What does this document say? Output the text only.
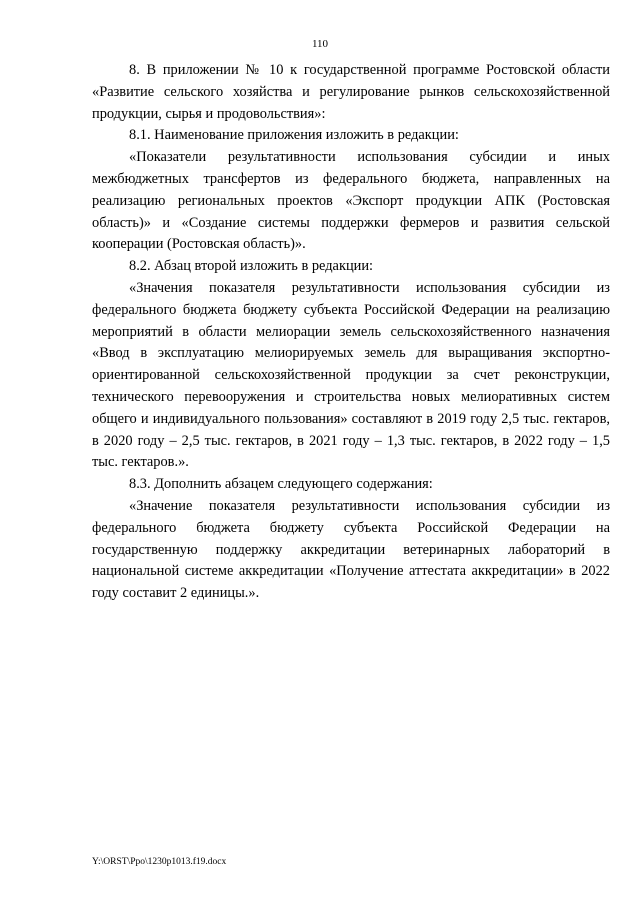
110

8. В приложении № 10 к государственной программе Ростовской области «Развитие сельского хозяйства и регулирование рынков сельскохозяйственной продукции, сырья и продовольствия»:

8.1. Наименование приложения изложить в редакции:

«Показатели результативности использования субсидии и иных межбюджетных трансфертов из федерального бюджета, направленных на реализацию региональных проектов «Экспорт продукции АПК (Ростовская область)» и «Создание системы поддержки фермеров и развития сельской кооперации (Ростовская область)».

8.2. Абзац второй изложить в редакции:

«Значения показателя результативности использования субсидии из федерального бюджета бюджету субъекта Российской Федерации на реализацию мероприятий в области мелиорации земель сельскохозяйственного назначения «Ввод в эксплуатацию мелиорируемых земель для выращивания экспортно-ориентированной сельскохозяйственной продукции за счет реконструкции, технического перевооружения и строительства новых мелиоративных систем общего и индивидуального пользования» составляют в 2019 году 2,5 тыс. гектаров, в 2020 году – 2,5 тыс. гектаров, в 2021 году – 1,3 тыс. гектаров, в 2022 году – 1,5 тыс. гектаров.».

8.3. Дополнить абзацем следующего содержания:

«Значение показателя результативности использования субсидии из федерального бюджета бюджету субъекта Российской Федерации на государственную поддержку аккредитации ветеринарных лабораторий в национальной системе аккредитации «Получение аттестата аккредитации» в 2022 году составит 2 единицы.».

Y:\ORST\Ppo\1230p1013.f19.docx
